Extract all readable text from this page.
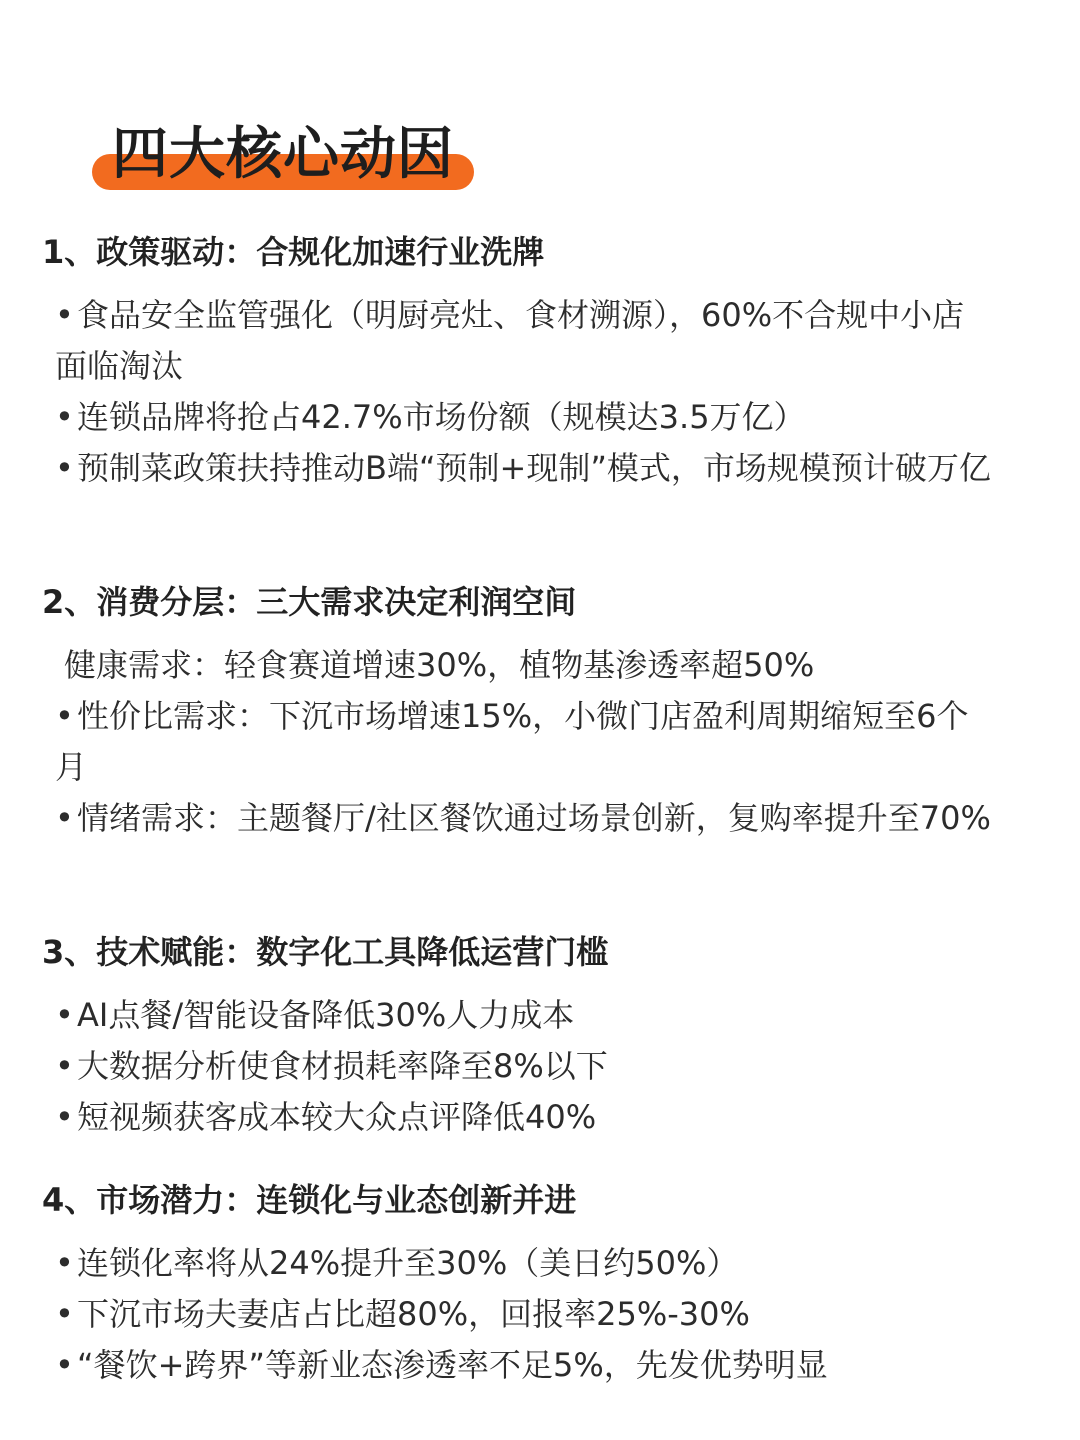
四大核心动因
1、政策驱动：合规化加速行业洗牌
•食品安全监管强化（明厨亮灶、食材溯源），60%不合规中小店面临淘汰
•连锁品牌将抢占42.7%市场份额（规模达3.5万亿）
•预制菜政策扶持推动B端“预制+现制”模式，市场规模预计破万亿
2、消费分层：三大需求决定利润空间
健康需求：轻食赛道增速30%，植物基渗透率超50%
•性价比需求：下沉市场增速15%，小微门店盈利周期缩短至6个月
•情绪需求：主题餐厅/社区餐饮通过场景创新，复购率提升至70%
3、技术赋能：数字化工具降低运营门槛
•AI点餐/智能设备降低30%人力成本
•大数据分析使食材损耗率降至8%以下
•短视频获客成本较大众点评降低40%
4、市场潜力：连锁化与业态创新并进
•连锁化率将从24%提升至30%（美日约50%）
•下沉市场夫妻店占比超80%，回报率25%-30%
•“餐饮+跨界”等新业态渗透率不足5%，先发优势明显
